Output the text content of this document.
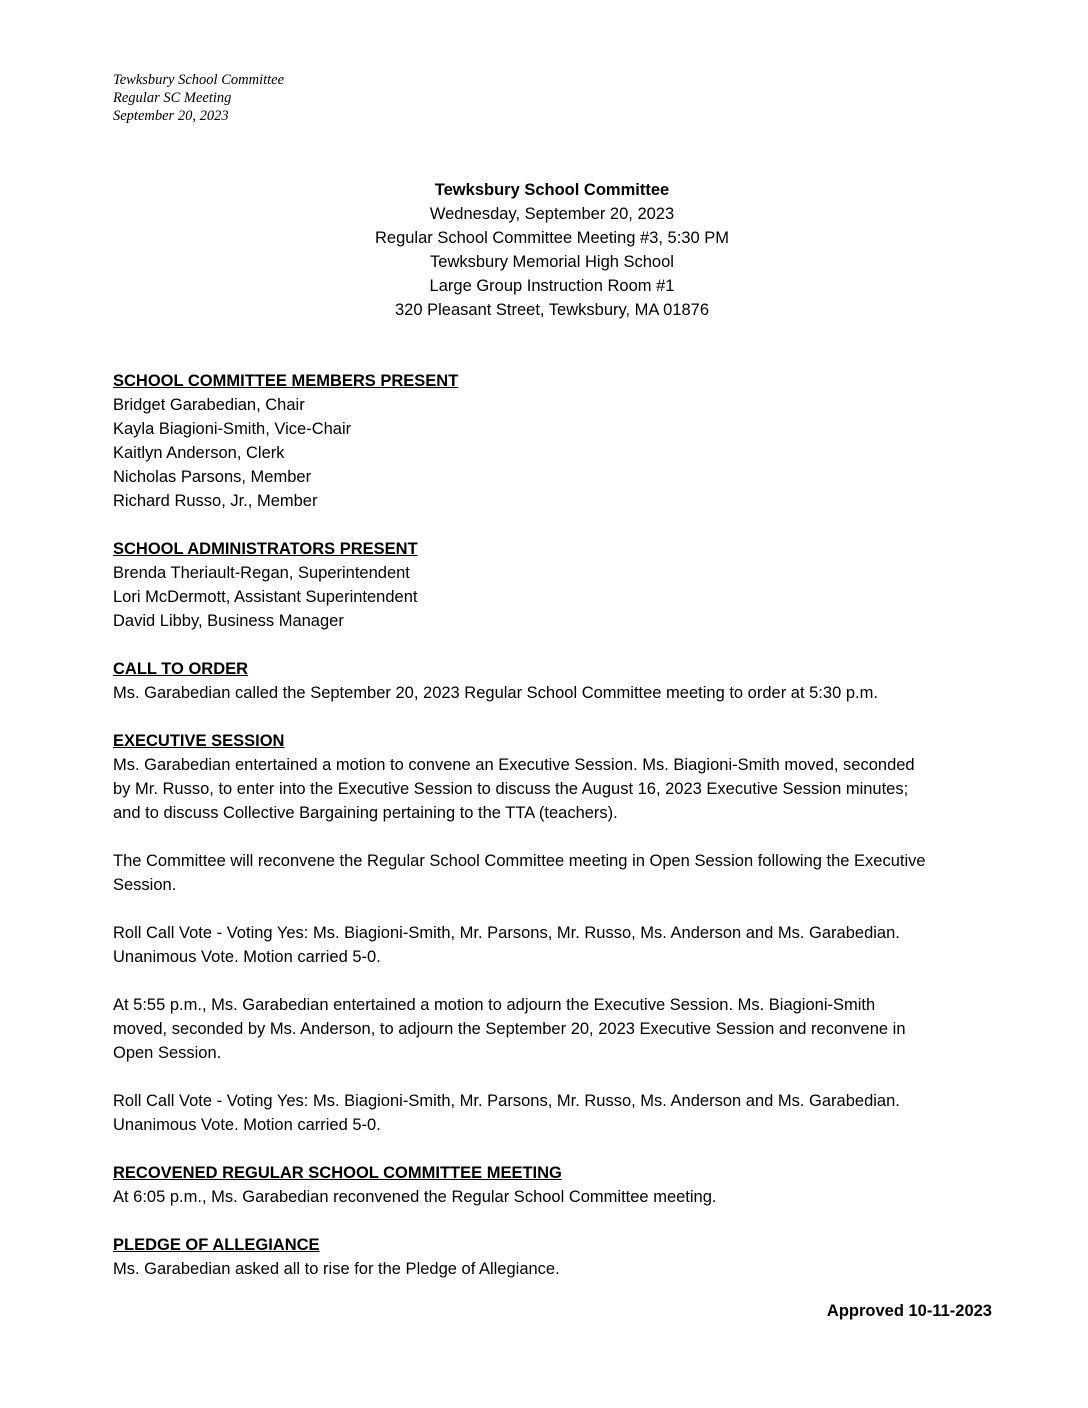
Tewksbury School Committee
Regular SC Meeting
September 20, 2023
Tewksbury School Committee
Wednesday, September 20, 2023
Regular School Committee Meeting #3, 5:30 PM
Tewksbury Memorial High School
Large Group Instruction Room #1
320 Pleasant Street, Tewksbury, MA 01876
SCHOOL COMMITTEE MEMBERS PRESENT
Bridget Garabedian, Chair
Kayla Biagioni-Smith, Vice-Chair
Kaitlyn Anderson, Clerk
Nicholas Parsons, Member
Richard Russo, Jr., Member
SCHOOL ADMINISTRATORS PRESENT
Brenda Theriault-Regan, Superintendent
Lori McDermott, Assistant Superintendent
David Libby, Business Manager
CALL TO ORDER
Ms. Garabedian called the September 20, 2023 Regular School Committee meeting to order at 5:30 p.m.
EXECUTIVE SESSION
Ms. Garabedian entertained a motion to convene an Executive Session. Ms. Biagioni-Smith moved, seconded
by Mr. Russo, to enter into the Executive Session to discuss the August 16, 2023 Executive Session minutes;
and to discuss Collective Bargaining pertaining to the TTA (teachers).
The Committee will reconvene the Regular School Committee meeting in Open Session following the Executive
Session.
Roll Call Vote - Voting Yes: Ms. Biagioni-Smith, Mr. Parsons, Mr. Russo, Ms. Anderson and Ms. Garabedian.
Unanimous Vote. Motion carried 5-0.
At 5:55 p.m., Ms. Garabedian entertained a motion to adjourn the Executive Session. Ms. Biagioni-Smith
moved, seconded by Ms. Anderson, to adjourn the September 20, 2023 Executive Session and reconvene in
Open Session.
Roll Call Vote - Voting Yes: Ms. Biagioni-Smith, Mr. Parsons, Mr. Russo, Ms. Anderson and Ms. Garabedian.
Unanimous Vote. Motion carried 5-0.
RECOVENED REGULAR SCHOOL COMMITTEE MEETING
At 6:05 p.m., Ms. Garabedian reconvened the Regular School Committee meeting.
PLEDGE OF ALLEGIANCE
Ms. Garabedian asked all to rise for the Pledge of Allegiance.
Approved 10-11-2023
